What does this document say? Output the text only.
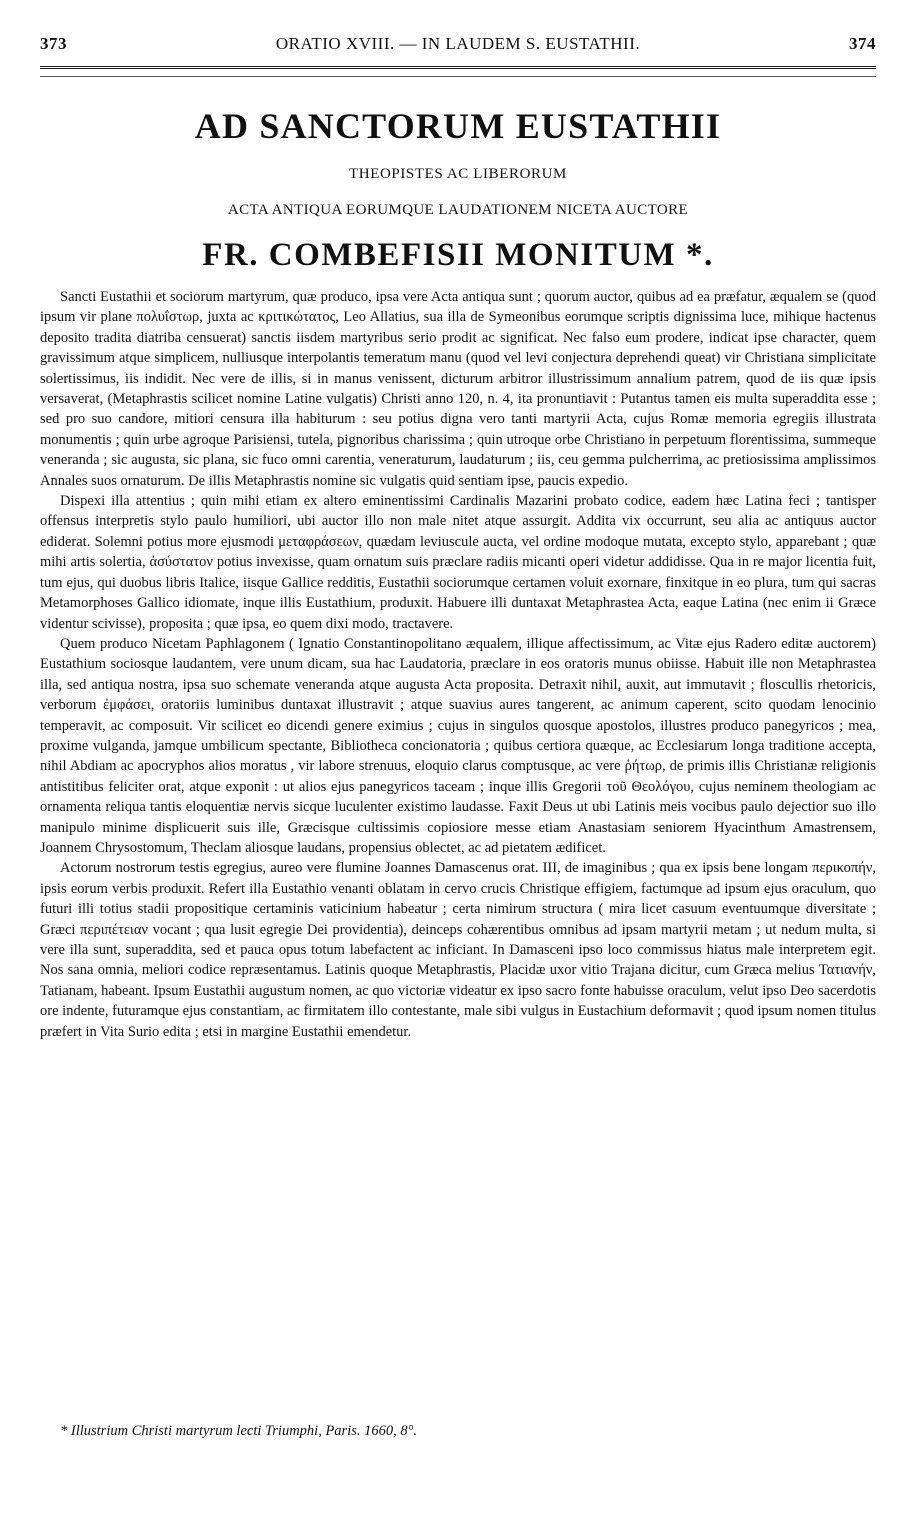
373	ORATIO XVIII. — IN LAUDEM S. EUSTATHII.	374
AD SANCTORUM EUSTATHII
THEOPISTES AC LIBERORUM
ACTA ANTIQUA EORUMQUE LAUDATIONEM NICETA AUCTORE
FR. COMBEFISII MONITUM *.

Sancti Eustathii et sociorum martyrum, quæ produco, ipsa vere Acta antiqua sunt ; quorum auctor, quibus ad ea præfatur, æqualem se (quod ipsum vir plane πολυΐστωρ, juxta ac κριτικώτατος, Leo Allatius, sua illa de Symeonibus eorumque scriptis dignissima luce, mihique hactenus deposito tradita diatriba censuerat) sanctis iisdem martyribus serio prodit ac significat. Nec falso eum prodere, indicat ipse character, quem gravissimum atque simplicem, nulliusque interpolantis temeratum manu (quod vel levi conjectura deprehendi queat) vir Christiana simplicitate solertissimus, iis indidit. Nec vere de illis, si in manus venissent, dicturum arbitror illustrissimum annalium patrem, quod de iis quæ ipsis versaverat, (Metaphrastis scilicet nomine Latine vulgatis) Christi anno 120, n. 4, ita pronuntiavit : Putantus tamen eis multa superaddita esse ; sed pro suo candore, mitiori censura illa habiturum : seu potius digna vero tanti martyrii Acta, cujus Romæ memoria egregiis illustrata monumentis ; quin urbe agroque Parisiensi, tutela, pignoribus charissima ; quin utroque orbe Christiano in perpetuum florentissima, summeque veneranda ; sic augusta, sic plana, sic fuco omni carentia, veneraturum, laudaturum ; iis, ceu gemma pulcherrima, ac pretiosissima amplissimos Annales suos ornaturum. De illis Metaphrastis nomine sic vulgatis quid sentiam ipse, paucis expedio.

Dispexi illa attentius ; quin mihi etiam ex altero eminentissimi Cardinalis Mazarini probato codice, eadem hæc Latina feci ; tantisper offensus interpretis stylo paulo humiliori, ubi auctor illo non male nitet atque assurgit. Addita vix occurrunt, seu alia ac antiquus auctor ediderat. Solemni potius more ejusmodi μεταφράσεων, quædam leviuscule aucta, vel ordine modoque mutata, excepto stylo, apparebant ; quæ mihi artis solertia, ἀσύστατον potius invexisse, quam ornatum suis præclare radiis micanti operi videtur addidisse. Qua in re major licentia fuit, tum ejus, qui duobus libris Italice, iisque Gallice redditis, Eustathii sociorumque certamen voluit exornare, finxitque in eo plura, tum qui sacras Metamorphoses Gallico idiomate, inque illis Eustathium, produxit. Habuere illi duntaxat Metaphrastea Acta, eaque Latina (nec enim ii Græce videntur scivisse), proposita ; quæ ipsa, eo quem dixi modo, tractavere.

Quem produco Nicetam Paphlagonem ( Ignatio Constantinopolitano æqualem, illique affectissimum, ac Vitæ ejus Radero editæ auctorem) Eustathium sociosque laudantem, vere unum dicam, sua hac Laudatoria, præclare in eos oratoris munus obiisse. Habuit ille non Metaphrastea illa, sed antiqua nostra, ipsa suo schemate veneranda atque augusta Acta proposita. Detraxit nihil, auxit, aut immutavit ; floscullis rhetoricis, verborum ἐμφάσει, oratoriis luminibus duntaxat illustravit ; atque suavius aures tangerent, ac animum caperent, scito quodam lenocinio temperavit, ac composuit. Vir scilicet eo dicendi genere eximius ; cujus in singulos quosque apostolos, illustres produco panegyricos ; mea, proxime vulganda, jamque umbilicum spectante, Bibliotheca concionatoria ; quibus certiora quæque, ac Ecclesiarum longa traditione accepta, nihil Abdiam ac apocryphos alios moratus , vir labore strenuus, eloquio clarus comptusque, ac vere ῥήτωρ, de primis illis Christianæ religionis antistitibus feliciter orat, atque exponit : ut alios ejus panegyricos taceam ; inque illis Gregorii τοῦ Θεολόγου, cujus neminem theologiam ac ornamenta reliqua tantis eloquentiæ nervis sicque luculenter existimo laudasse. Faxit Deus ut ubi Latinis meis vocibus paulo dejectior suo illo manipulo minime displicuerit suis ille, Græcisque cultissimis copiosiore messe etiam Anastasiam seniorem Hyacinthum Amastrensem, Joannem Chrysostomum, Theclam aliosque laudans, propensius oblectet, ac ad pietatem ædificet.

Actorum nostrorum testis egregius, aureo vere flumine Joannes Damascenus orat. III, de imaginibus ; qua ex ipsis bene longam περικοπήν, ipsis eorum verbis produxit. Refert illa Eustathio venanti oblatam in cervo crucis Christique effigiem, factumque ad ipsum ejus oraculum, quo futuri illi totius stadii propositique certaminis vaticinium habeatur ; certa nimirum structura ( mira licet casuum eventuumque diversitate ; Græci περιπέτειαν vocant ; qua lusit egregie Dei providentia), deinceps cohærentibus omnibus ad ipsam martyrii metam ; ut nedum multa, si vere illa sunt, superaddita, sed et pauca opus totum labefactent ac inficiant. In Damasceni ipso loco commissus hiatus male interpretem egit. Nos sana omnia, meliori codice repræsentamus. Latinis quoque Metaphrastis, Placidæ uxor vitio Trajana dicitur, cum Græca melius Τατιανήν, Tatianam, habeant. Ipsum Eustathii augustum nomen, ac quo victoriæ videatur ex ipso sacro fonte habuisse oraculum, velut ipso Deo sacerdotis ore indente, futuramque ejus constantiam, ac firmitatem illo contestante, male sibi vulgus in Eustachium deformavit ; quod ipsum nomen titulus præfert in Vita Surio edita ; etsi in margine Eustathii emendetur.

* Illustrium Christi martyrum lecti Triumphi, Paris. 1660, 8°.
